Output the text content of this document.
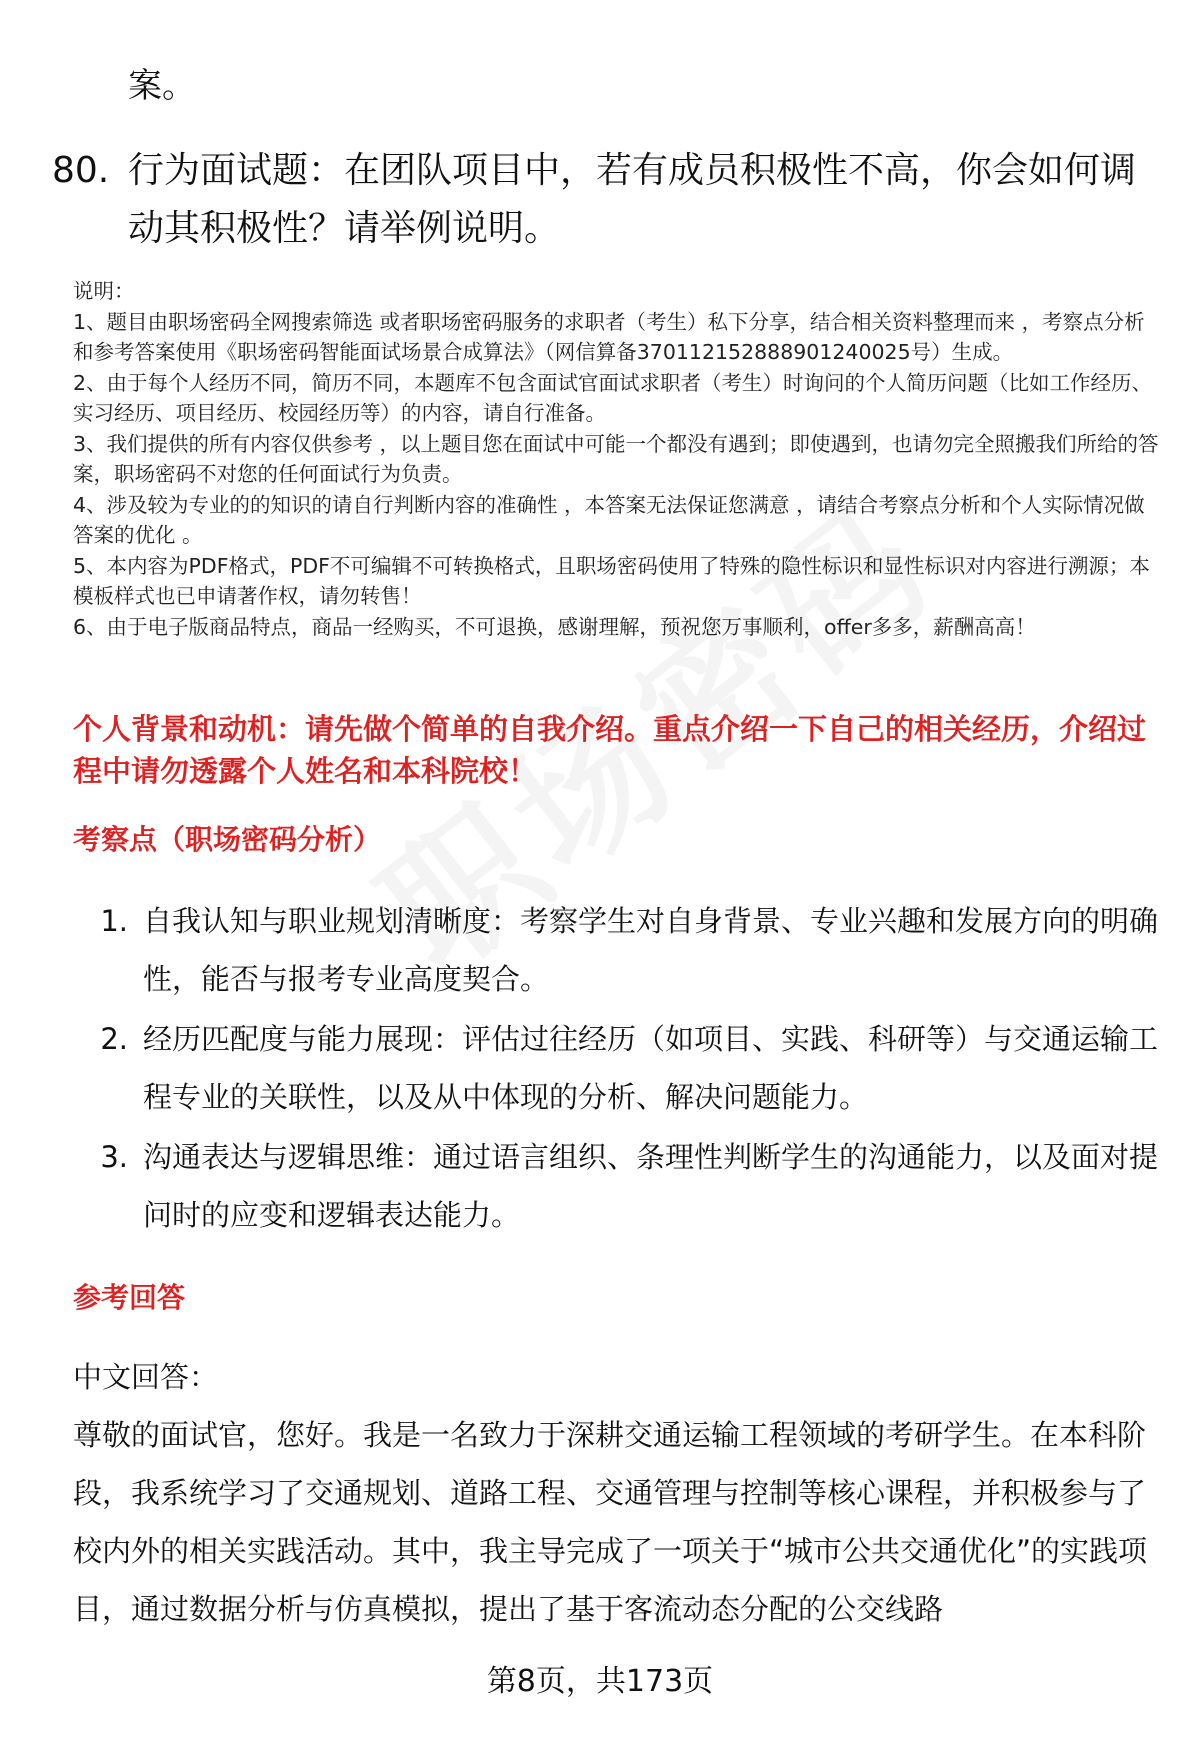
案。
80. 行为面试题：在团队项目中，若有成员积极性不高，你会如何调动其积极性？请举例说明。

说明：

1、题目由职场密码全网搜索筛选 或者职场密码服务的求职者（考生）私下分享，结合相关资料整理而来 ，考察点分析和参考答案使用《职场密码智能面试场景合成算法》（网信算备370112152888901240025号）生成。

2、由于每个人经历不同，简历不同，本题库不包含面试官面试求职者（考生）时询问的个人简历问题（比如工作经历、实习经历、项目经历、校园经历等）的内容，请自行准备。

3、我们提供的所有内容仅供参考 ，以上题目您在面试中可能一个都没有遇到；即使遇到，也请勿完全照搬我们所给的答案，职场密码不对您的任何面试行为负责。

4、涉及较为专业的的知识的请自行判断内容的准确性 ，本答案无法保证您满意 ，请结合考察点分析和个人实际情况做答案的优化 。

5、本内容为PDF格式，PDF不可编辑不可转换格式，且职场密码使用了特殊的隐性标识和显性标识对内容进行溯源；本模板样式也已申请著作权，请勿转售！

6、由于电子版商品特点，商品一经购买，不可退换，感谢理解，预祝您万事顺利，offer多多，薪酬高高！

个人背景和动机：请先做个简单的自我介绍。重点介绍一下自己的相关经历，介绍过程中请勿透露个人姓名和本科院校！
考察点（职场密码分析）
1. 自我认知与职业规划清晰度：考察学生对自身背景、专业兴趣和发展方向的明确性，能否与报考专业高度契合。
2. 经历匹配度与能力展现：评估过往经历（如项目、实践、科研等）与交通运输工程专业的关联性，以及从中体现的分析、解决问题能力。
3. 沟通表达与逻辑思维：通过语言组织、条理性判断学生的沟通能力，以及面对提问时的应变和逻辑表达能力。
参考回答

中文回答：

尊敬的面试官，您好。我是一名致力于深耕交通运输工程领域的考研学生。在本科阶段，我系统学习了交通规划、道路工程、交通管理与控制等核心课程，并积极参与了校内外的相关实践活动。其中，我主导完成了一项关于“城市公共交通优化”的实践项目，通过数据分析与仿真模拟，提出了基于客流动态分配的公交线路

第8页，共173页
